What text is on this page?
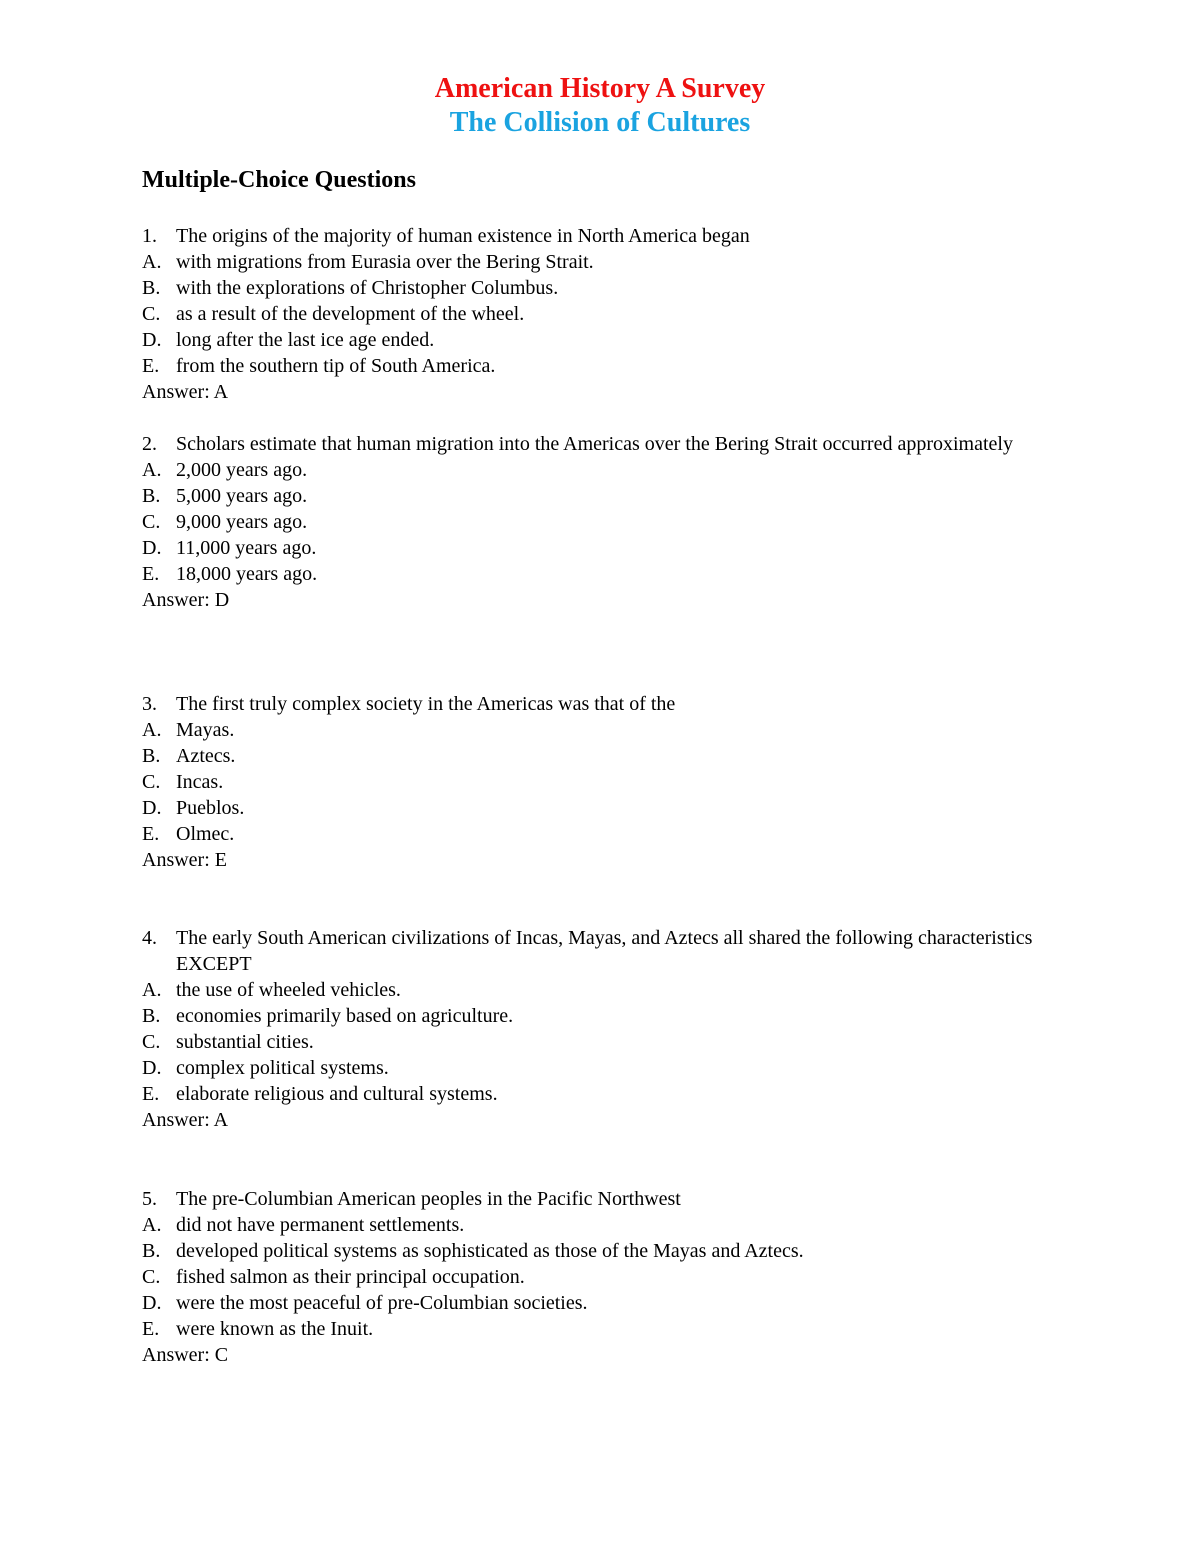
American History A Survey
The Collision of Cultures
Multiple-Choice Questions
1. The origins of the majority of human existence in North America began
A. with migrations from Eurasia over the Bering Strait.
B. with the explorations of Christopher Columbus.
C. as a result of the development of the wheel.
D. long after the last ice age ended.
E. from the southern tip of South America.
Answer: A
2. Scholars estimate that human migration into the Americas over the Bering Strait occurred approximately
A. 2,000 years ago.
B. 5,000 years ago.
C. 9,000 years ago.
D. 11,000 years ago.
E. 18,000 years ago.
Answer: D
3. The first truly complex society in the Americas was that of the
A. Mayas.
B. Aztecs.
C. Incas.
D. Pueblos.
E. Olmec.
Answer: E
4. The early South American civilizations of Incas, Mayas, and Aztecs all shared the following characteristics EXCEPT
A. the use of wheeled vehicles.
B. economies primarily based on agriculture.
C. substantial cities.
D. complex political systems.
E. elaborate religious and cultural systems.
Answer: A
5. The pre-Columbian American peoples in the Pacific Northwest
A. did not have permanent settlements.
B. developed political systems as sophisticated as those of the Mayas and Aztecs.
C. fished salmon as their principal occupation.
D. were the most peaceful of pre-Columbian societies.
E. were known as the Inuit.
Answer: C
